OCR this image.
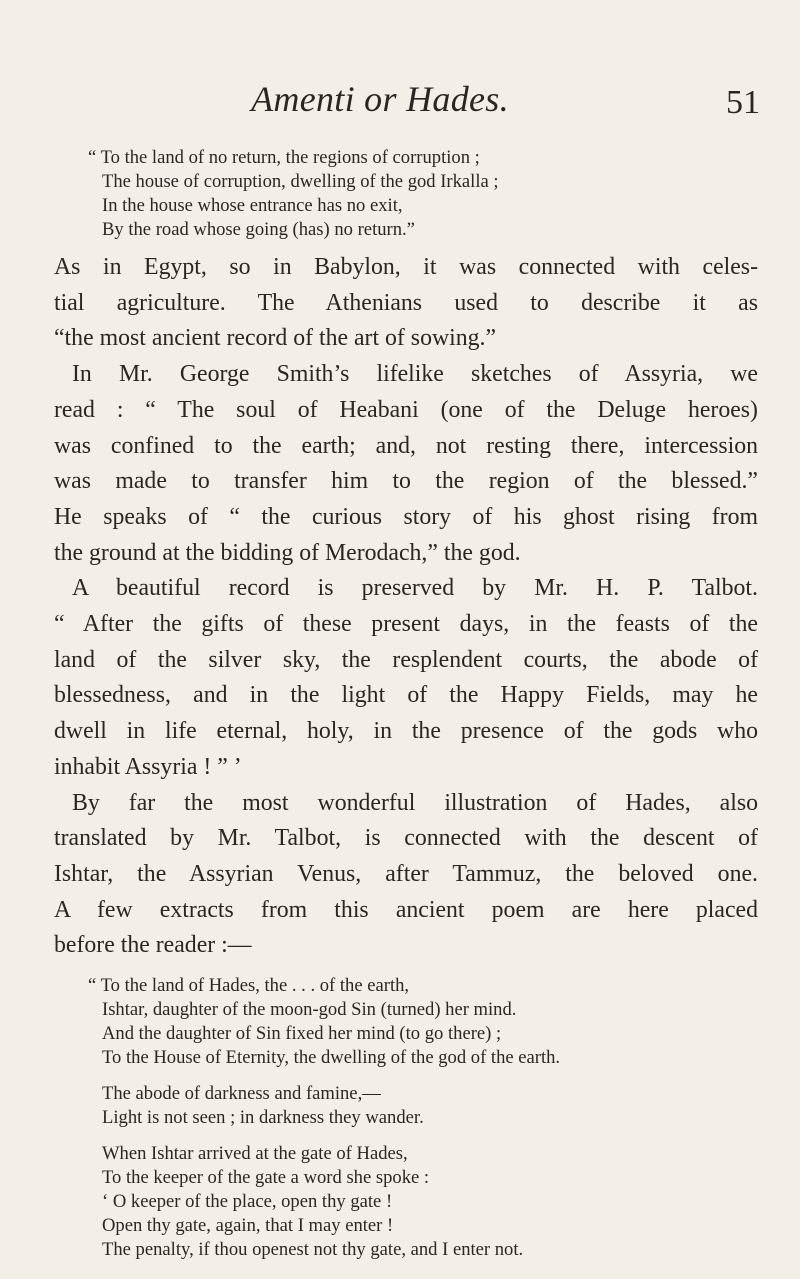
Amenti or Hades.	51
“ To the land of no return, the regions of corruption ;
The house of corruption, dwelling of the god Irkalla ;
In the house whose entrance has no exit,
By the road whose going (has) no return.”
As in Egypt, so in Babylon, it was connected with celes-
tial agriculture. The Athenians used to describe it as
“the most ancient record of the art of sowing.”
In Mr. George Smith’s lifelike sketches of Assyria, we
read : “ The soul of Heabani (one of the Deluge heroes)
was confined to the earth; and, not resting there, intercession
was made to transfer him to the region of the blessed.”
He speaks of “ the curious story of his ghost rising from
the ground at the bidding of Merodach,” the god.
A beautiful record is preserved by Mr. H. P. Talbot.
“ After the gifts of these present days, in the feasts of the
land of the silver sky, the resplendent courts, the abode of
blessedness, and in the light of the Happy Fields, may he
dwell in life eternal, holy, in the presence of the gods who
inhabit Assyria ! ” ’
By far the most wonderful illustration of Hades, also
translated by Mr. Talbot, is connected with the descent of
Ishtar, the Assyrian Venus, after Tammuz, the beloved one.
A few extracts from this ancient poem are here placed
before the reader :—
“ To the land of Hades, the . . . of the earth,
Ishtar, daughter of the moon-god Sin (turned) her mind.
And the daughter of Sin fixed her mind (to go there) ;
To the House of Eternity, the dwelling of the god of the earth.
The abode of darkness and famine,—
Light is not seen ; in darkness they wander.
When Ishtar arrived at the gate of Hades,
To the keeper of the gate a word she spoke :
‘ O keeper of the place, open thy gate !
Open thy gate, again, that I may enter !
The penalty, if thou openest not thy gate, and I enter not.
